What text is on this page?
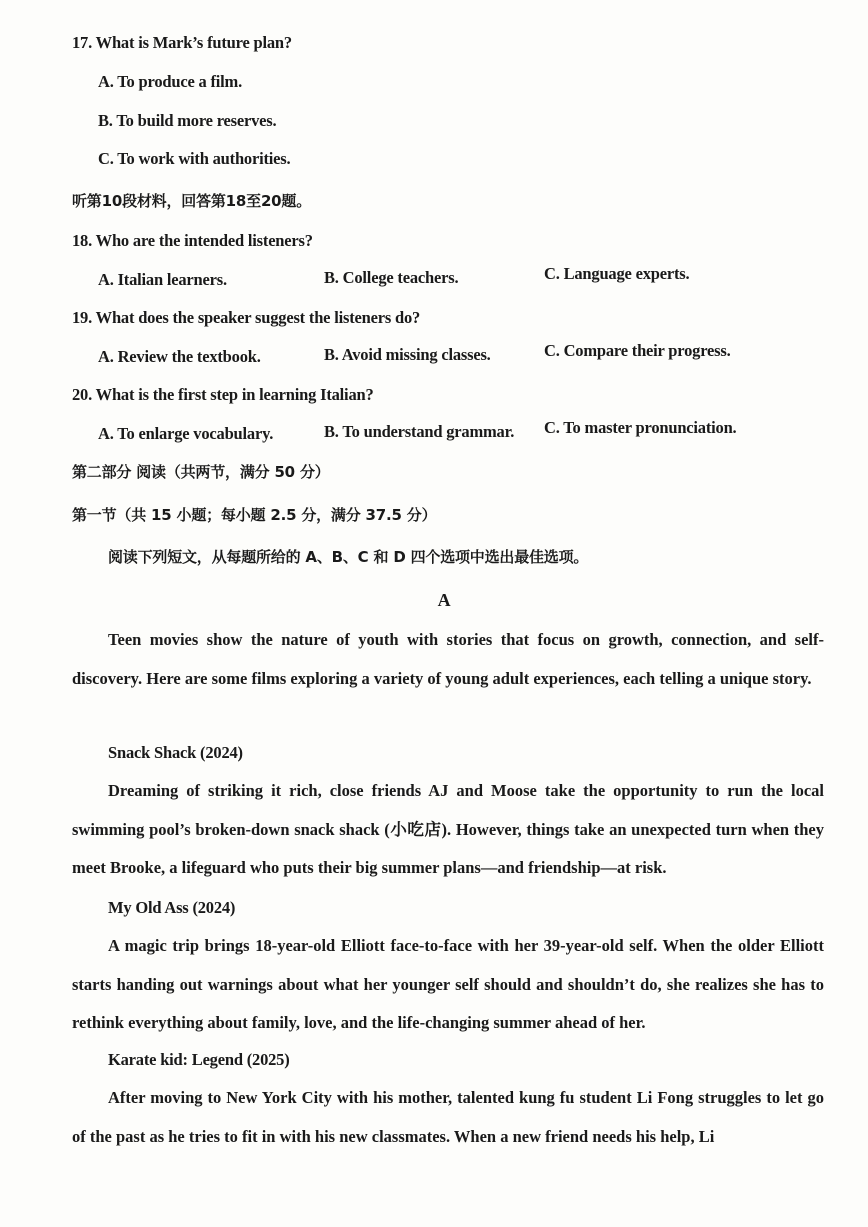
17. What is Mark’s future plan?
A. To produce a film.
B. To build more reserves.
C. To work with authorities.
听第10段材料，回答第18至20题。
18. Who are the intended listeners?
A. Italian learners.	B. College teachers.	C. Language experts.
19. What does the speaker suggest the listeners do?
A. Review the textbook.	B. Avoid missing classes.	C. Compare their progress.
20. What is the first step in learning Italian?
A. To enlarge vocabulary.	B. To understand grammar. C. To master pronunciation.
第二部分 阅读（共两节，满分 50 分）
第一节（共 15 小题；每小题 2.5 分，满分 37.5 分）
阅读下列短文，从每题所给的 A、B、C 和 D 四个选项中选出最佳选项。
A
Teen movies show the nature of youth with stories that focus on growth, connection, and self-discovery. Here are some films exploring a variety of young adult experiences, each telling a unique story.
Snack Shack (2024)
Dreaming of striking it rich, close friends AJ and Moose take the opportunity to run the local swimming pool’s broken-down snack shack (小吃店). However, things take an unexpected turn when they meet Brooke, a lifeguard who puts their big summer plans—and friendship—at risk.
My Old Ass (2024)
A magic trip brings 18-year-old Elliott face-to-face with her 39-year-old self. When the older Elliott starts handing out warnings about what her younger self should and shouldn’t do, she realizes she has to rethink everything about family, love, and the life-changing summer ahead of her.
Karate kid: Legend (2025)
After moving to New York City with his mother, talented kung fu student Li Fong struggles to let go of the past as he tries to fit in with his new classmates. When a new friend needs his help, Li
